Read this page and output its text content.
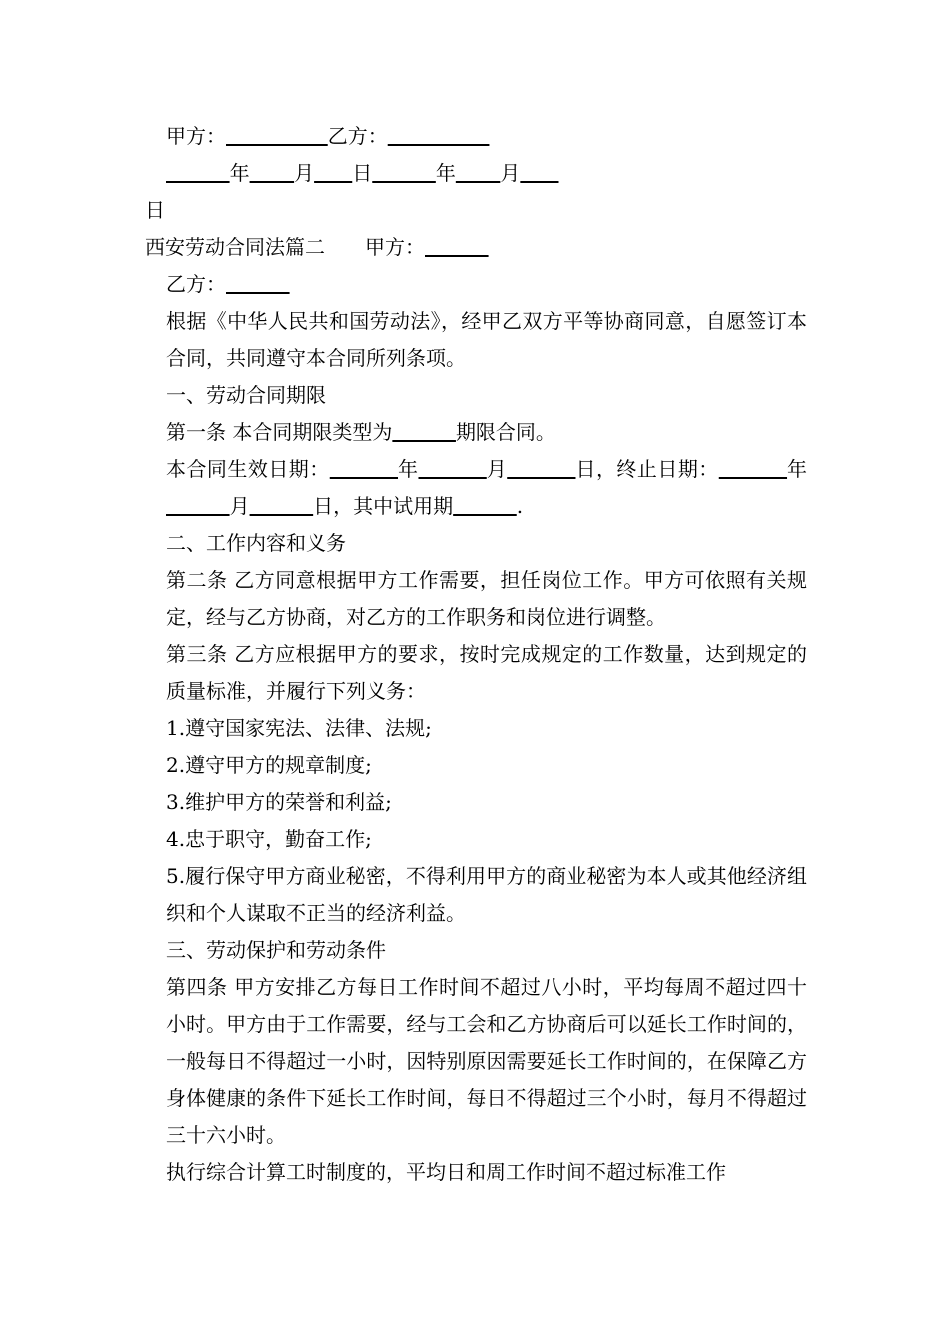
甲方：	乙方：
年 月 日	年 月
日
西安劳动合同法篇二 甲方：
乙方：
根据《中华人民共和国劳动法》，经甲乙双方平等协商同意，自愿签订本合同，共同遵守本合同所列条项。
一、劳动合同期限
第一条 本合同期限类型为	期限合同。
本合同生效日期：	年	月	日，终止日期：	年          月	日，其中试用期	.
二、工作内容和义务
第二条 乙方同意根据甲方工作需要，担任岗位工作。甲方可依照有关规定，经与乙方协商，对乙方的工作职务和岗位进行调整。
第三条 乙方应根据甲方的要求，按时完成规定的工作数量，达到规定的质量标准，并履行下列义务：
1.遵守国家宪法、法律、法规;
2.遵守甲方的规章制度;
3.维护甲方的荣誉和利益;
4.忠于职守，勤奋工作;
5.履行保守甲方商业秘密，不得利用甲方的商业秘密为本人或其他经济组织和个人谋取不正当的经济利益。
三、劳动保护和劳动条件
第四条 甲方安排乙方每日工作时间不超过八小时，平均每周不超过四十小时。甲方由于工作需要，经与工会和乙方协商后可以延长工作时间的，一般每日不得超过一小时，因特别原因需要延长工作时间的，在保障乙方身体健康的条件下延长工作时间，每日不得超过三个小时，每月不得超过三十六小时。
执行综合计算工时制度的，平均日和周工作时间不超过标准工作
